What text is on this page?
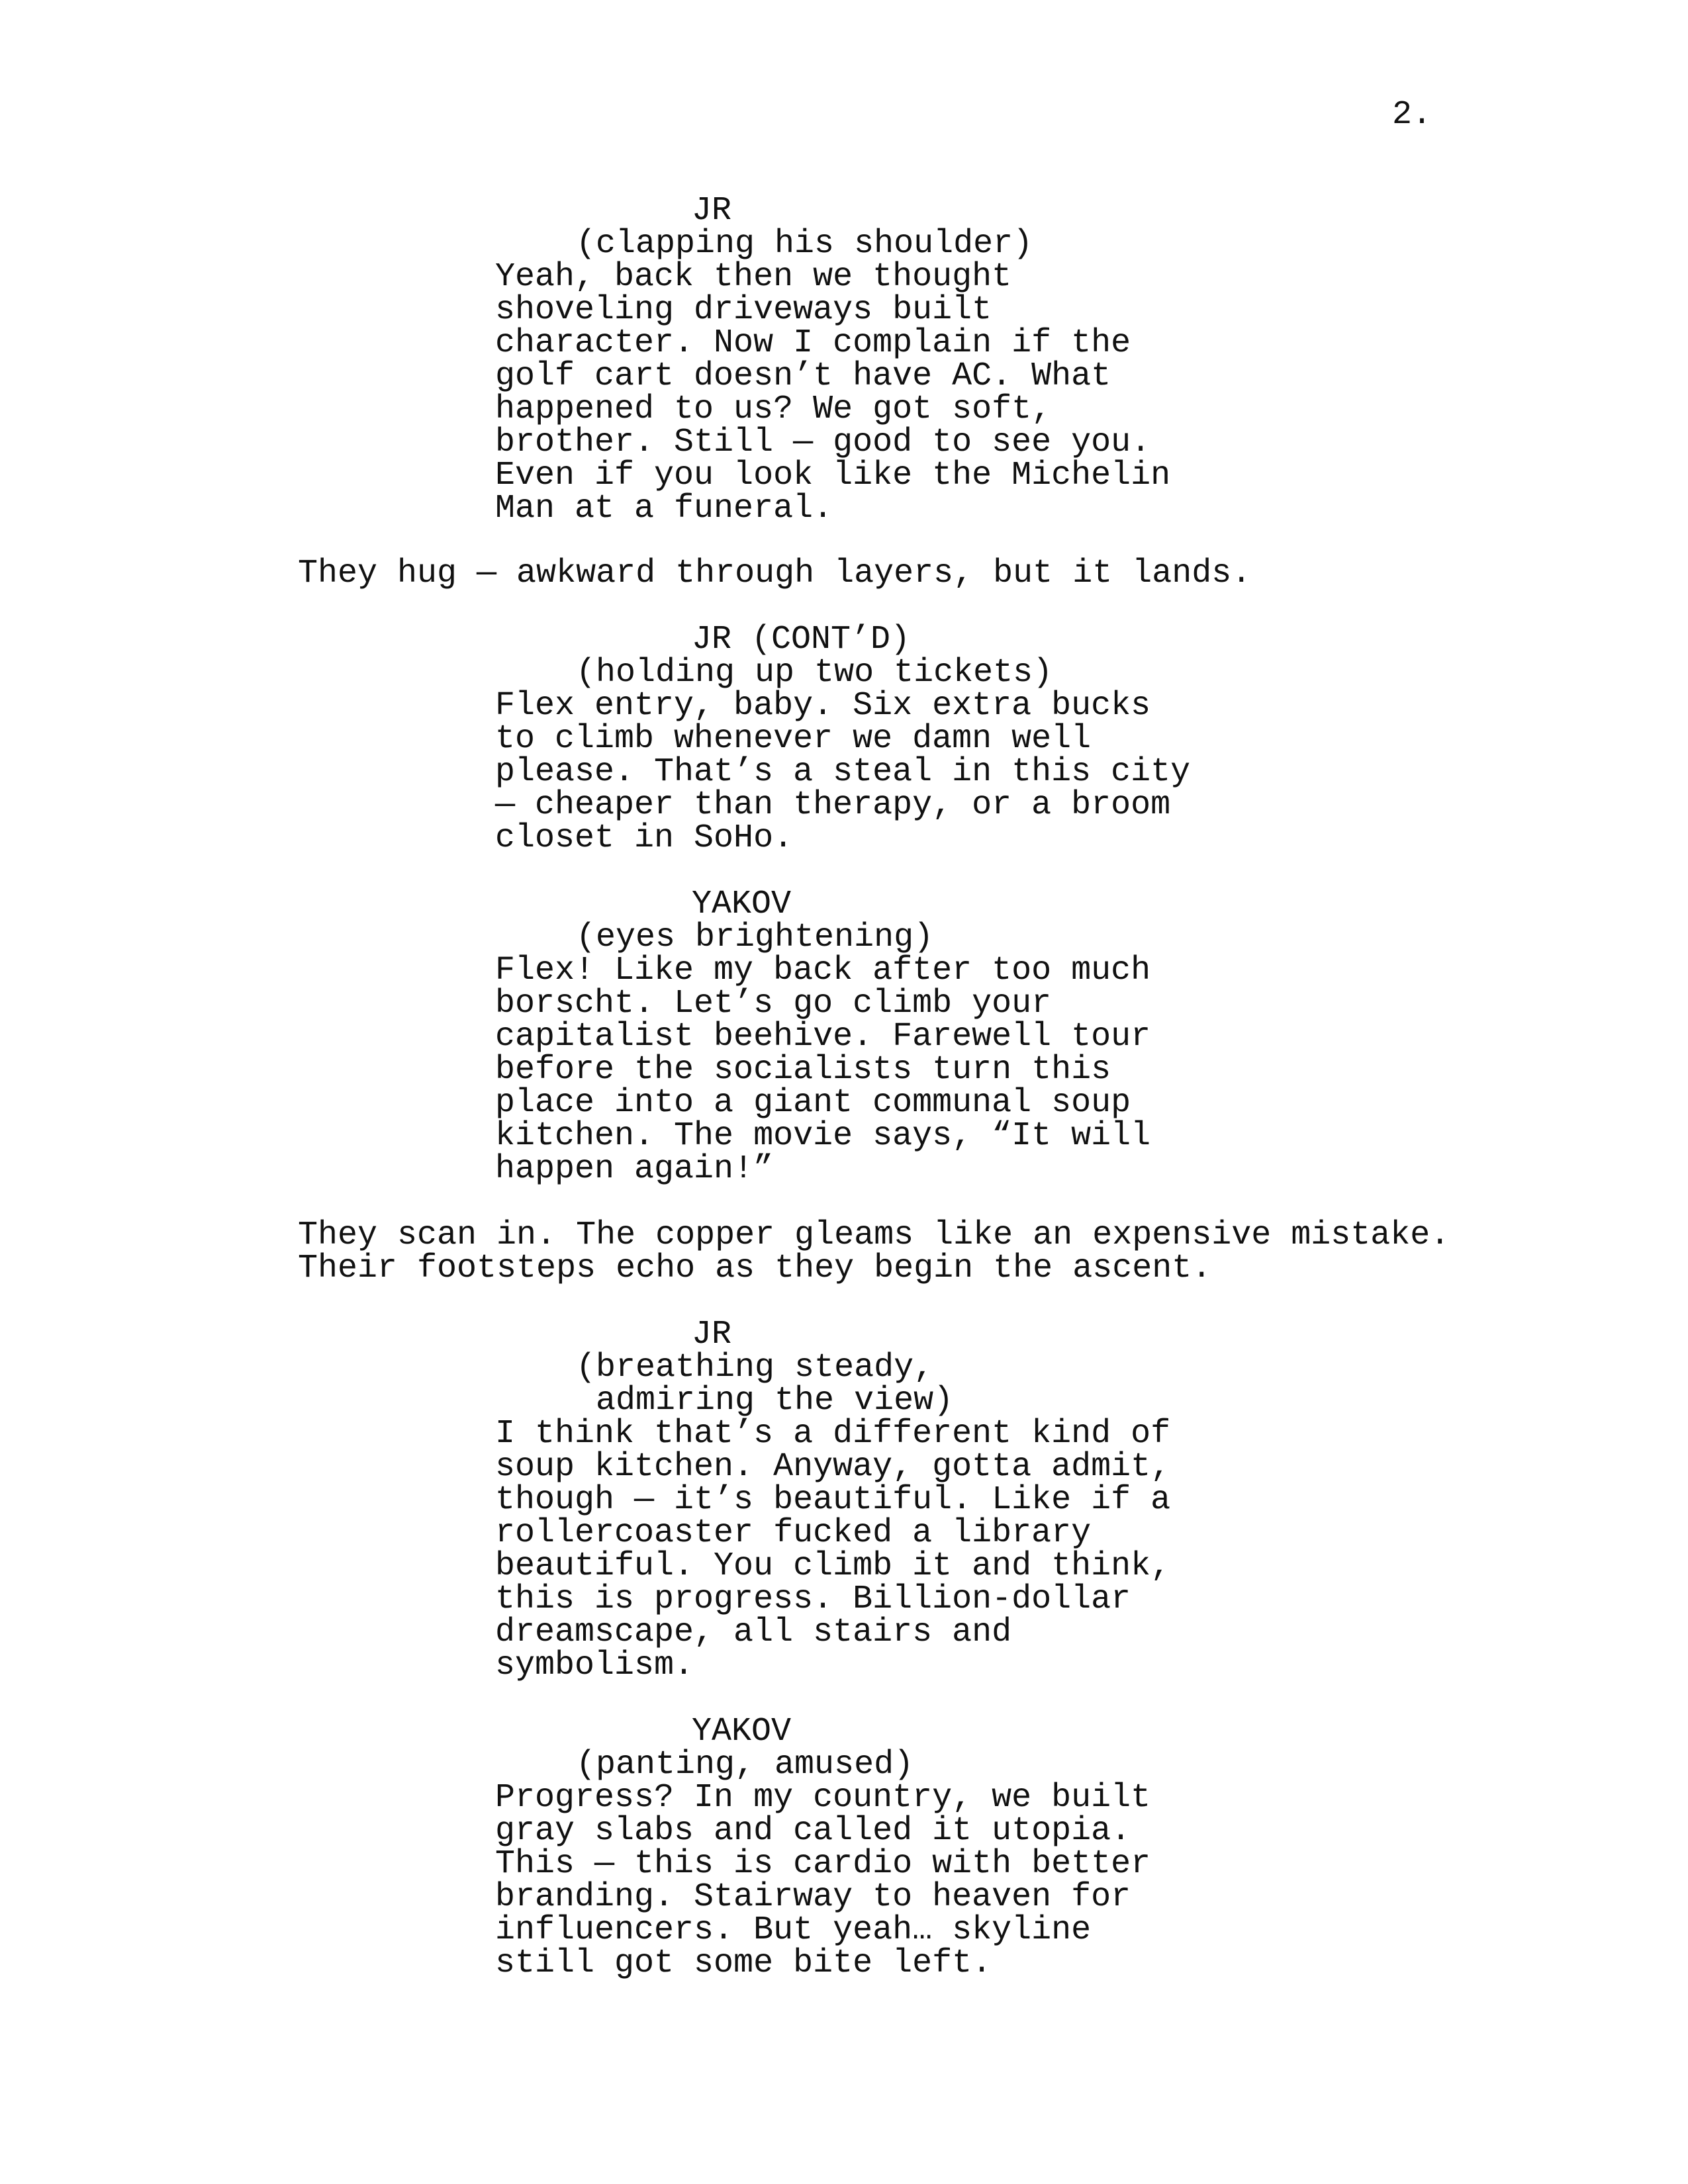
2.
JR
(clapping his shoulder)
Yeah, back then we thought
shoveling driveways built
character. Now I complain if the
golf cart doesn’t have AC. What
happened to us? We got soft,
brother. Still — good to see you.
Even if you look like the Michelin
Man at a funeral.
They hug — awkward through layers, but it lands.
JR (CONT’D)
(holding up two tickets)
Flex entry, baby. Six extra bucks
to climb whenever we damn well
please. That’s a steal in this city
— cheaper than therapy, or a broom
closet in SoHo.
YAKOV
(eyes brightening)
Flex! Like my back after too much
borscht. Let’s go climb your
capitalist beehive. Farewell tour
before the socialists turn this
place into a giant communal soup
kitchen. The movie says, “It will
happen again!”
They scan in. The copper gleams like an expensive mistake.
Their footsteps echo as they begin the ascent.
JR
(breathing steady,
admiring the view)
I think that’s a different kind of
soup kitchen. Anyway, gotta admit,
though — it’s beautiful. Like if a
rollercoaster fucked a library
beautiful. You climb it and think,
this is progress. Billion-dollar
dreamscape, all stairs and
symbolism.
YAKOV
(panting, amused)
Progress? In my country, we built
gray slabs and called it utopia.
This — this is cardio with better
branding. Stairway to heaven for
influencers. But yeah… skyline
still got some bite left.
